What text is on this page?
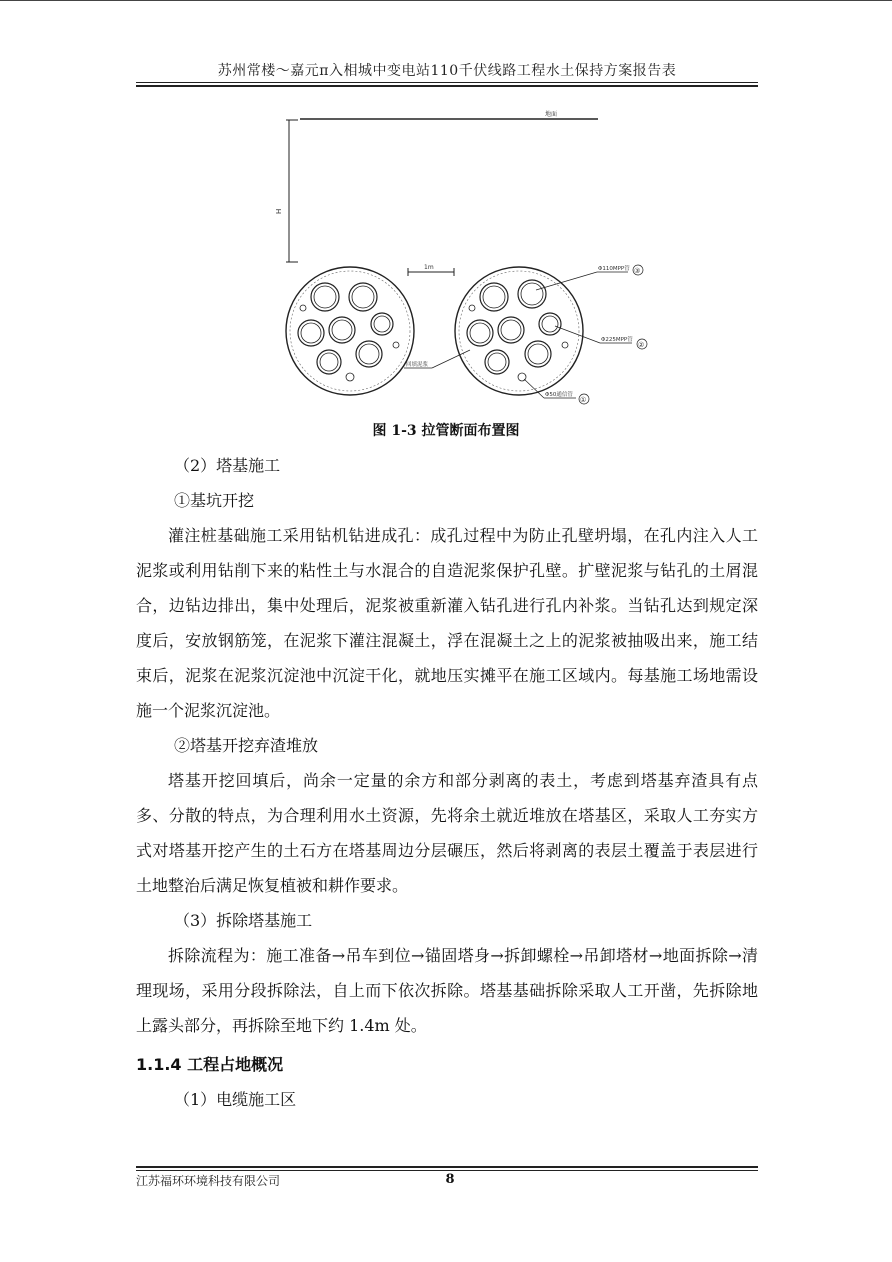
苏州常楼～嘉元π入相城中变电站110千伏线路工程水土保持方案报告表
地面
H
1m	Φ110MPP管 ③
Φ225MPP管
②
Φ50通信管
①
回填泥浆
图 1-3 拉管断面布置图

（2）塔基施工

①基坑开挖

灌注桩基础施工采用钻机钻进成孔：成孔过程中为防止孔壁坍塌，在孔内注入人工泥浆或利用钻削下来的粘性土与水混合的自造泥浆保护孔壁。扩壁泥浆与钻孔的土屑混合，边钻边排出，集中处理后，泥浆被重新灌入钻孔进行孔内补浆。当钻孔达到规定深度后，安放钢筋笼，在泥浆下灌注混凝土，浮在混凝土之上的泥浆被抽吸出来，施工结束后，泥浆在泥浆沉淀池中沉淀干化，就地压实摊平在施工区域内。每基施工场地需设施一个泥浆沉淀池。

②塔基开挖弃渣堆放

塔基开挖回填后，尚余一定量的余方和部分剥离的表土，考虑到塔基弃渣具有点多、分散的特点，为合理利用水土资源，先将余土就近堆放在塔基区，采取人工夯实方式对塔基开挖产生的土石方在塔基周边分层碾压，然后将剥离的表层土覆盖于表层进行土地整治后满足恢复植被和耕作要求。

（3）拆除塔基施工

拆除流程为：施工准备→吊车到位→锚固塔身→拆卸螺栓→吊卸塔材→地面拆除→清理现场，采用分段拆除法，自上而下依次拆除。塔基基础拆除采取人工开凿，先拆除地上露头部分，再拆除至地下约 1.4m 处。

1.1.4 工程占地概况

（1）电缆施工区

江苏福环环境科技有限公司	8
